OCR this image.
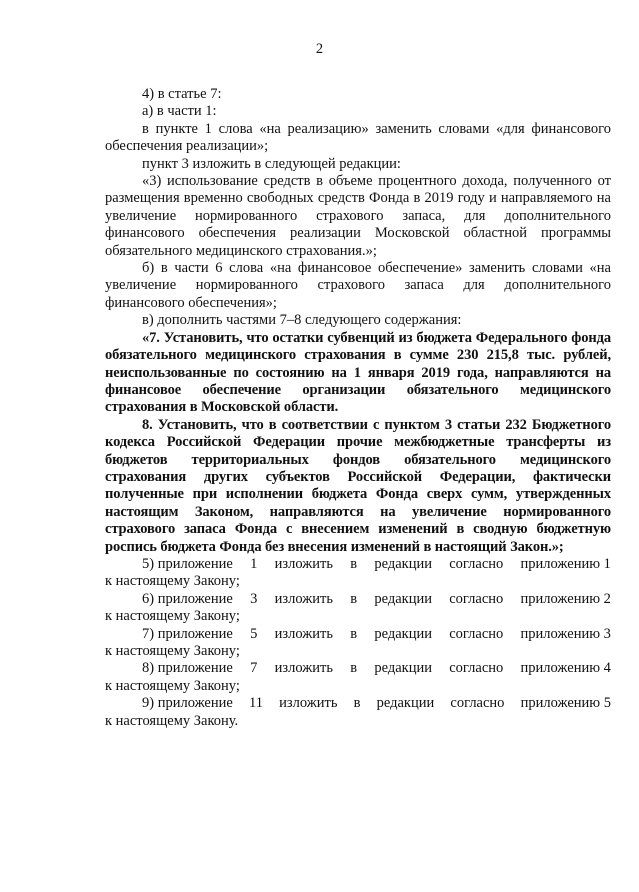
2

4) в статье 7:

а) в части 1:

в пункте 1 слова «на реализацию» заменить словами «для финансового обеспечения реализации»;

пункт 3 изложить в следующей редакции:

«3) использование средств в объеме процентного дохода, полученного от размещения временно свободных средств Фонда в 2019 году и направляемого на увеличение нормированного страхового запаса, для дополнительного финансового обеспечения реализации Московской областной программы обязательного медицинского страхования.»;

б) в части 6 слова «на финансовое обеспечение» заменить словами «на увеличение нормированного страхового запаса для дополнительного финансового обеспечения»;

в) дополнить частями 7–8 следующего содержания:

«7. Установить, что остатки субвенций из бюджета Федерального фонда обязательного медицинского страхования в сумме 230 215,8 тыс. рублей, неиспользованные по состоянию на 1 января 2019 года, направляются на финансовое обеспечение организации обязательного медицинского страхования в Московской области.

8. Установить, что в соответствии с пунктом 3 статьи 232 Бюджетного кодекса Российской Федерации прочие межбюджетные трансферты из бюджетов территориальных фондов обязательного медицинского страхования других субъектов Российской Федерации, фактически полученные при исполнении бюджета Фонда сверх сумм, утвержденных настоящим Законом, направляются на увеличение нормированного страхового запаса Фонда с внесением изменений в сводную бюджетную роспись бюджета Фонда без внесения изменений в настоящий Закон.»;

5) приложение 1 изложить в редакции согласно приложению 1
к настоящему Закону;
6) приложение 3 изложить в редакции согласно приложению 2
к настоящему Закону;
7) приложение 5 изложить в редакции согласно приложению 3
к настоящему Закону;
8) приложение 7 изложить в редакции согласно приложению 4
к настоящему Закону;
9) приложение 11 изложить в редакции согласно приложению 5
к настоящему Закону.
